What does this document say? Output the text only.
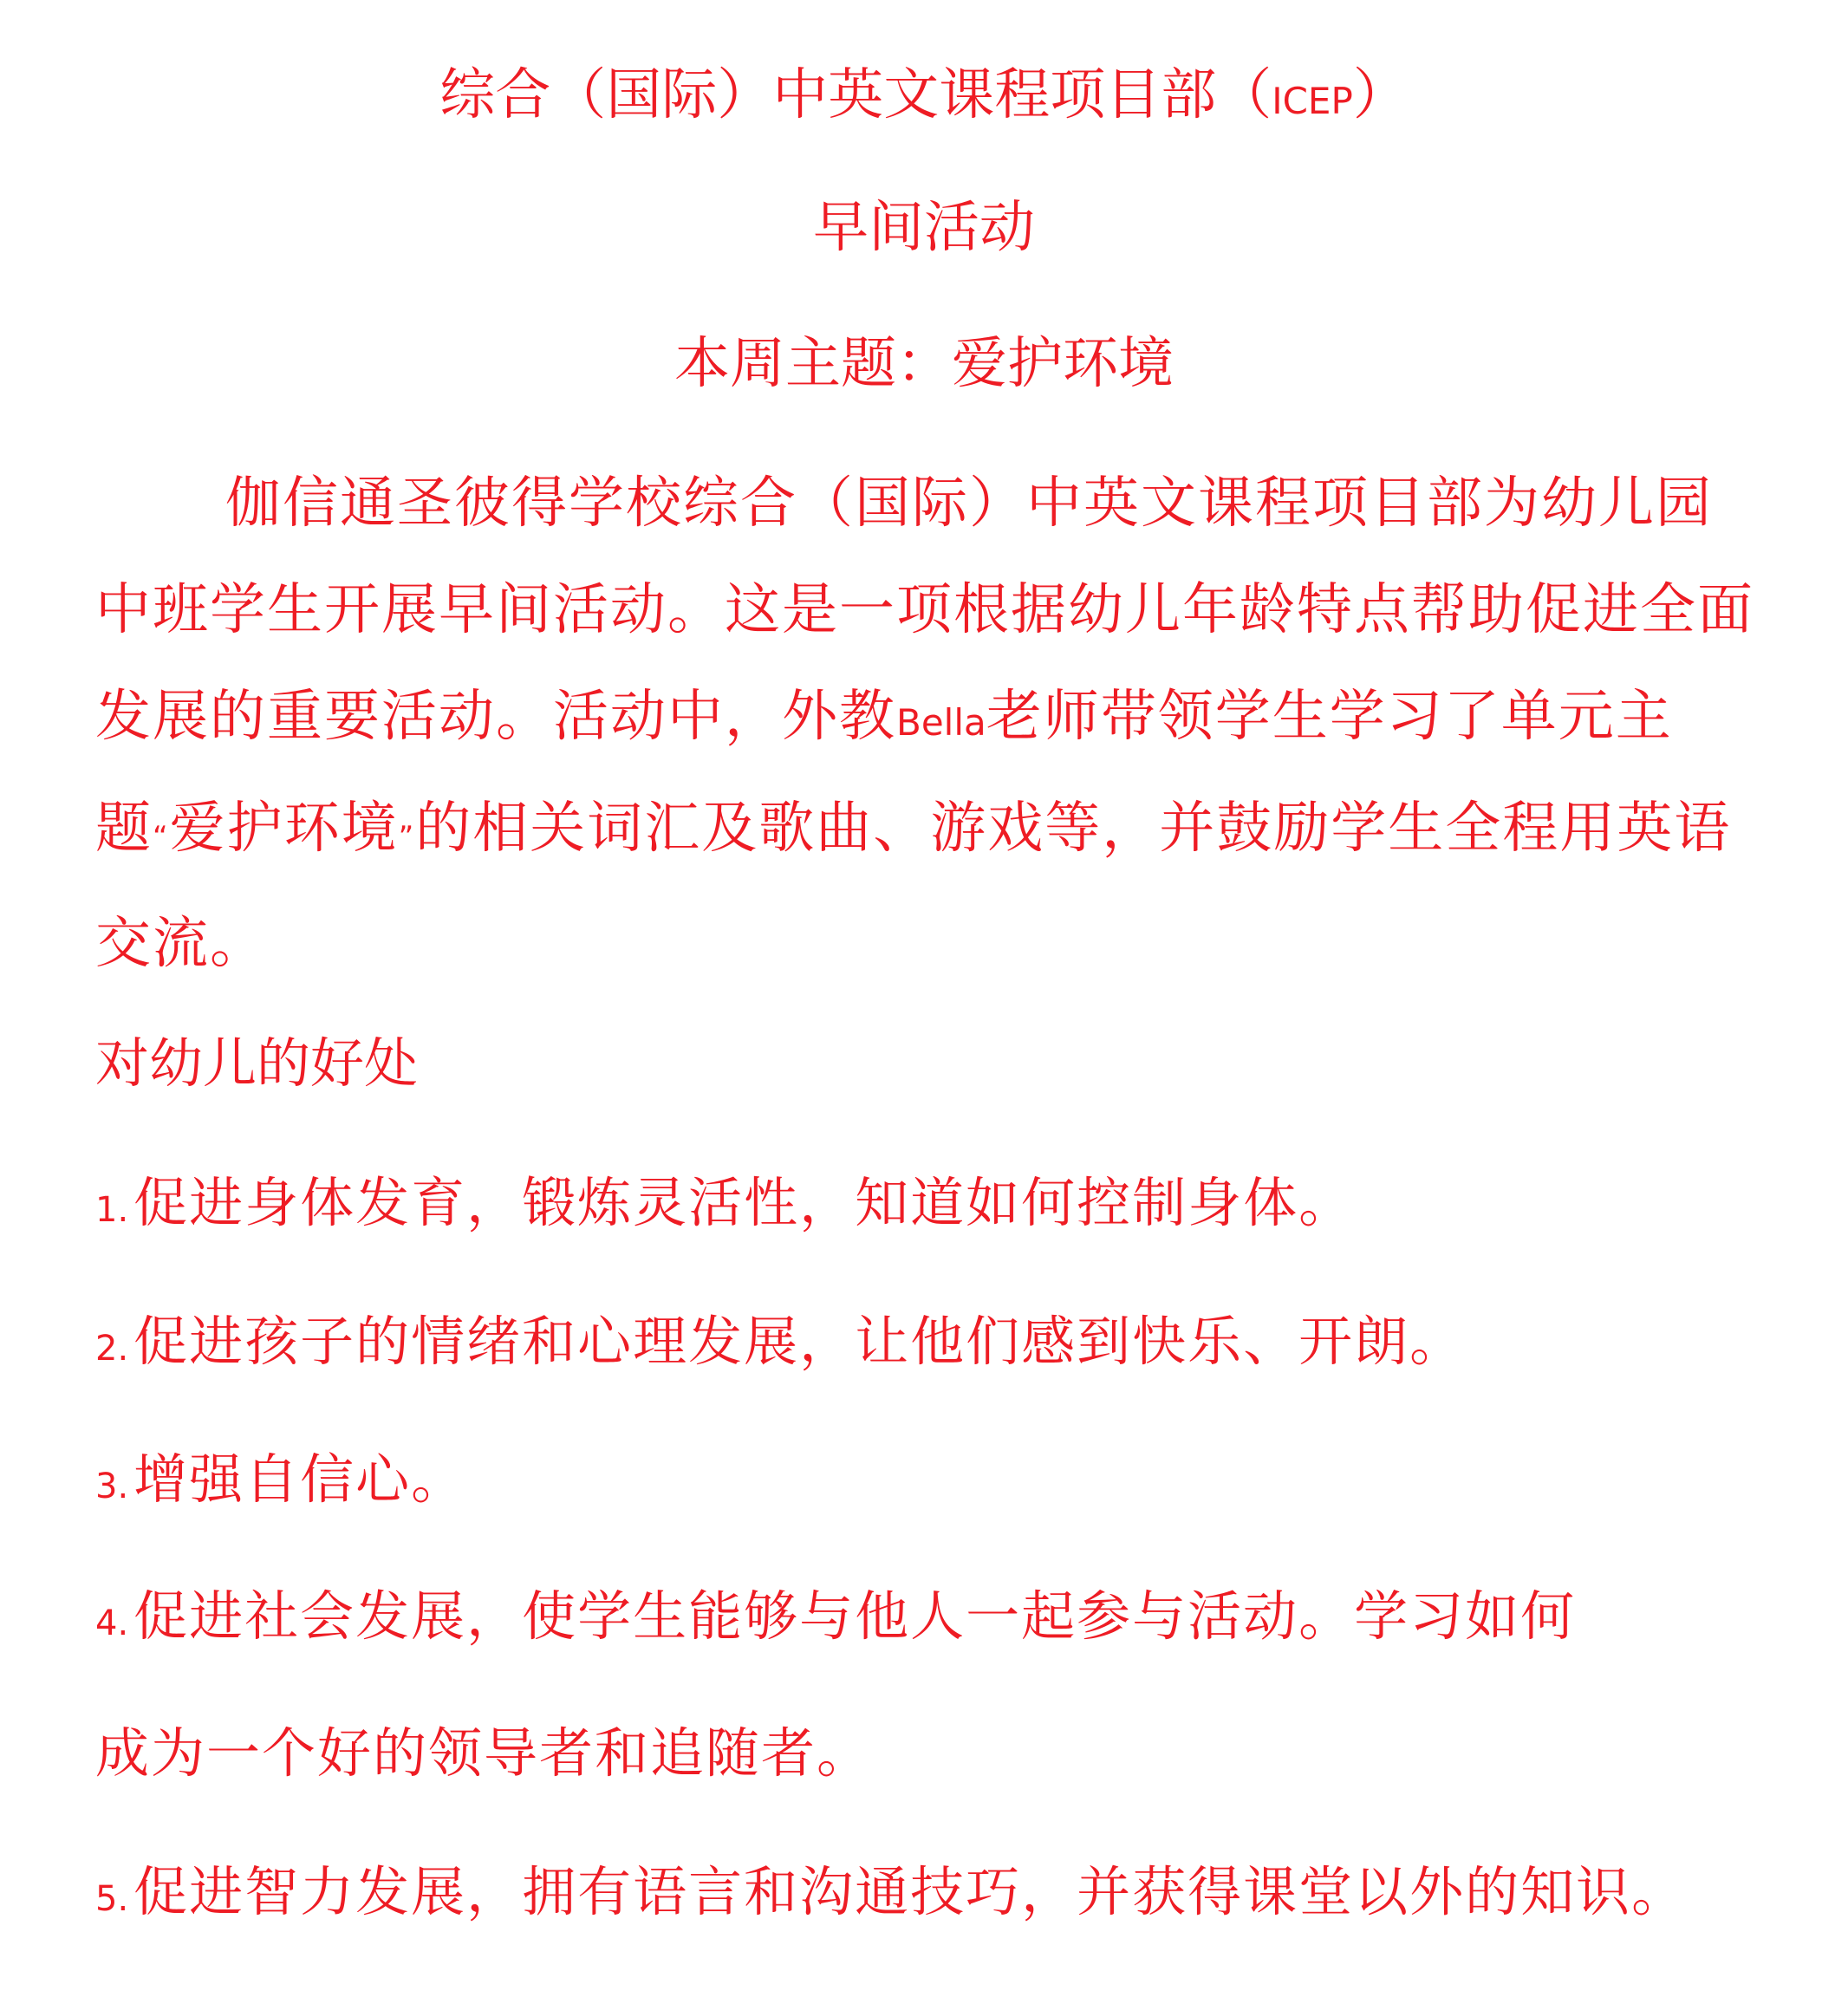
综合（国际）中英文课程项目部（ICEP）
早间活动
本周主题：爱护环境

伽信通圣彼得学校综合（国际）中英文课程项目部为幼儿园中班学生开展早间活动。这是一项根据幼儿年龄特点帮助促进全面发展的重要活动。活动中，外教Bella老师带领学生学习了单元主题“爱护环境”的相关词汇及歌曲、游戏等，并鼓励学生全程用英语交流。

对幼儿的好处
1.促进身体发育，锻炼灵活性，知道如何控制身体。
2.促进孩子的情绪和心理发展，让他们感到快乐、开朗。
3.增强自信心。
4.促进社会发展，使学生能够与他人一起参与活动。学习如何
成为一个好的领导者和追随者。
5.促进智力发展，拥有语言和沟通技巧，并获得课堂以外的知识。
